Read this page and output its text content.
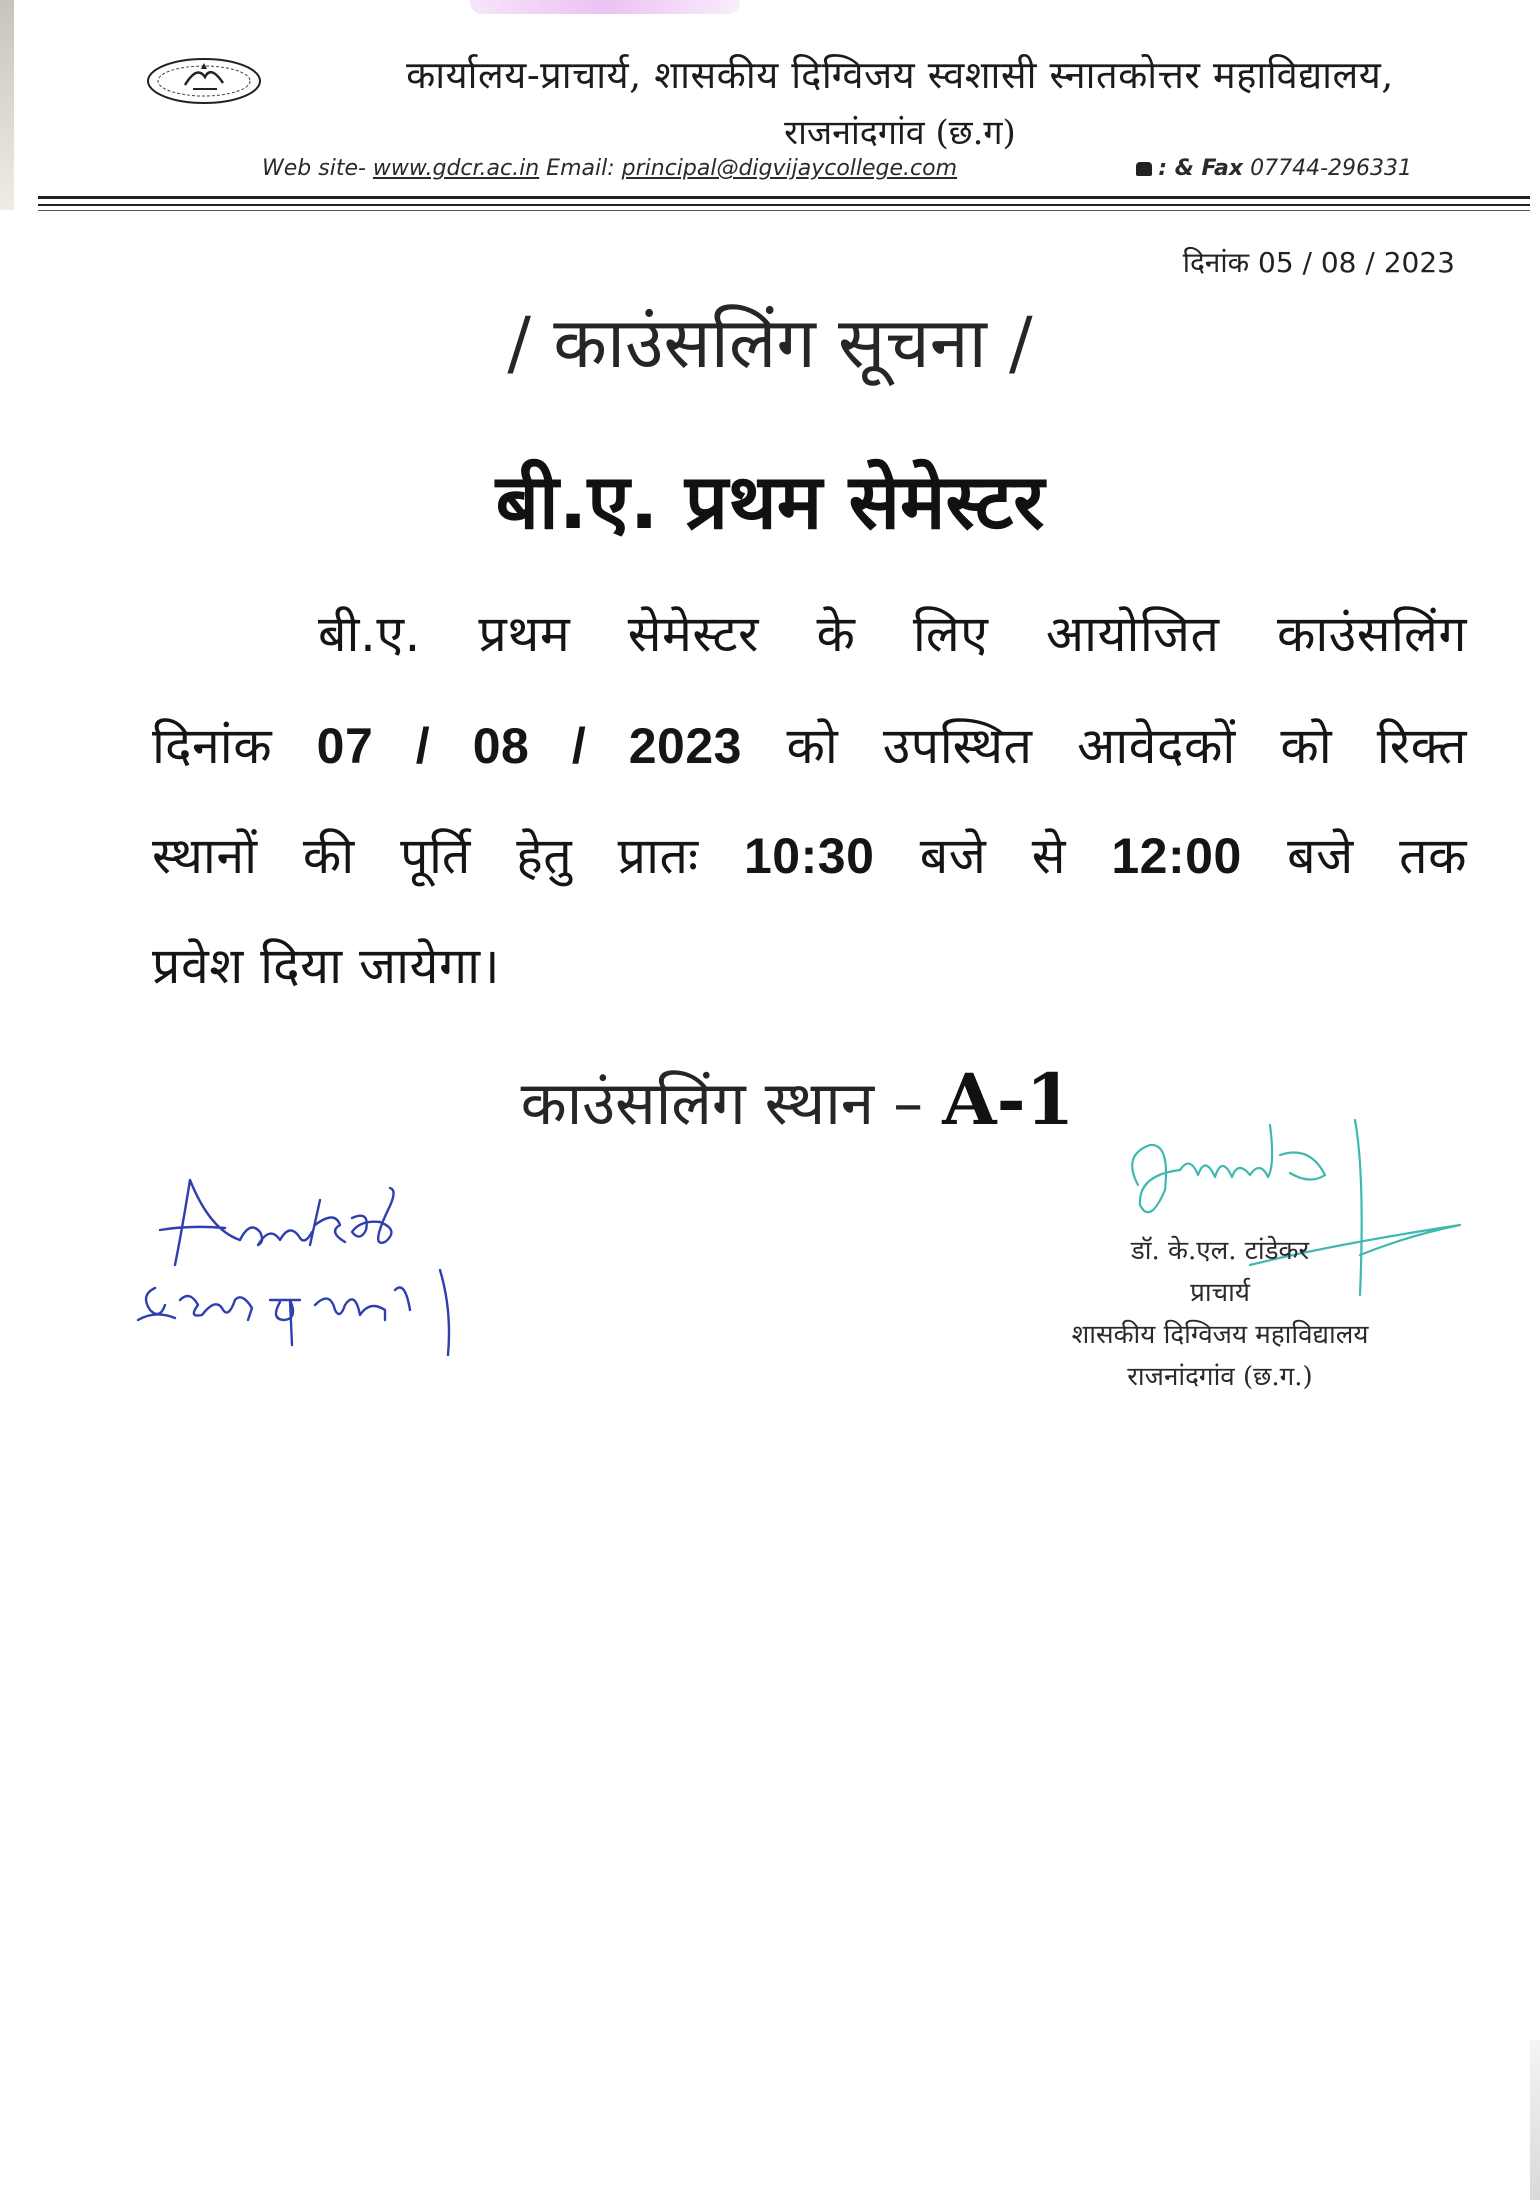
कार्यालय-प्राचार्य, शासकीय दिग्विजय स्वशासी स्नातकोत्तर महाविद्यालय,
राजनांदगांव (छ.ग)
Web site- www.gdcr.ac.in Email: principal@digvijaycollege.com	: & Fax 07744-296331
दिनांक 05 / 08 / 2023
/ काउंसलिंग सूचना /
बी.ए. प्रथम सेमेस्टर
बी.ए. प्रथम सेमेस्टर के लिए आयोजित काउंसलिंग
दिनांक 07 / 08 / 2023 को उपस्थित आवेदकों को रिक्त
स्थानों की पूर्ति हेतु प्रातः 10:30 बजे से 12:00 बजे तक
प्रवेश दिया जायेगा।
काउंसलिंग स्थान – A-1
डॉ. के.एल. टांडेकर
प्राचार्य
शासकीय दिग्विजय महाविद्यालय
राजनांदगांव (छ.ग.)
